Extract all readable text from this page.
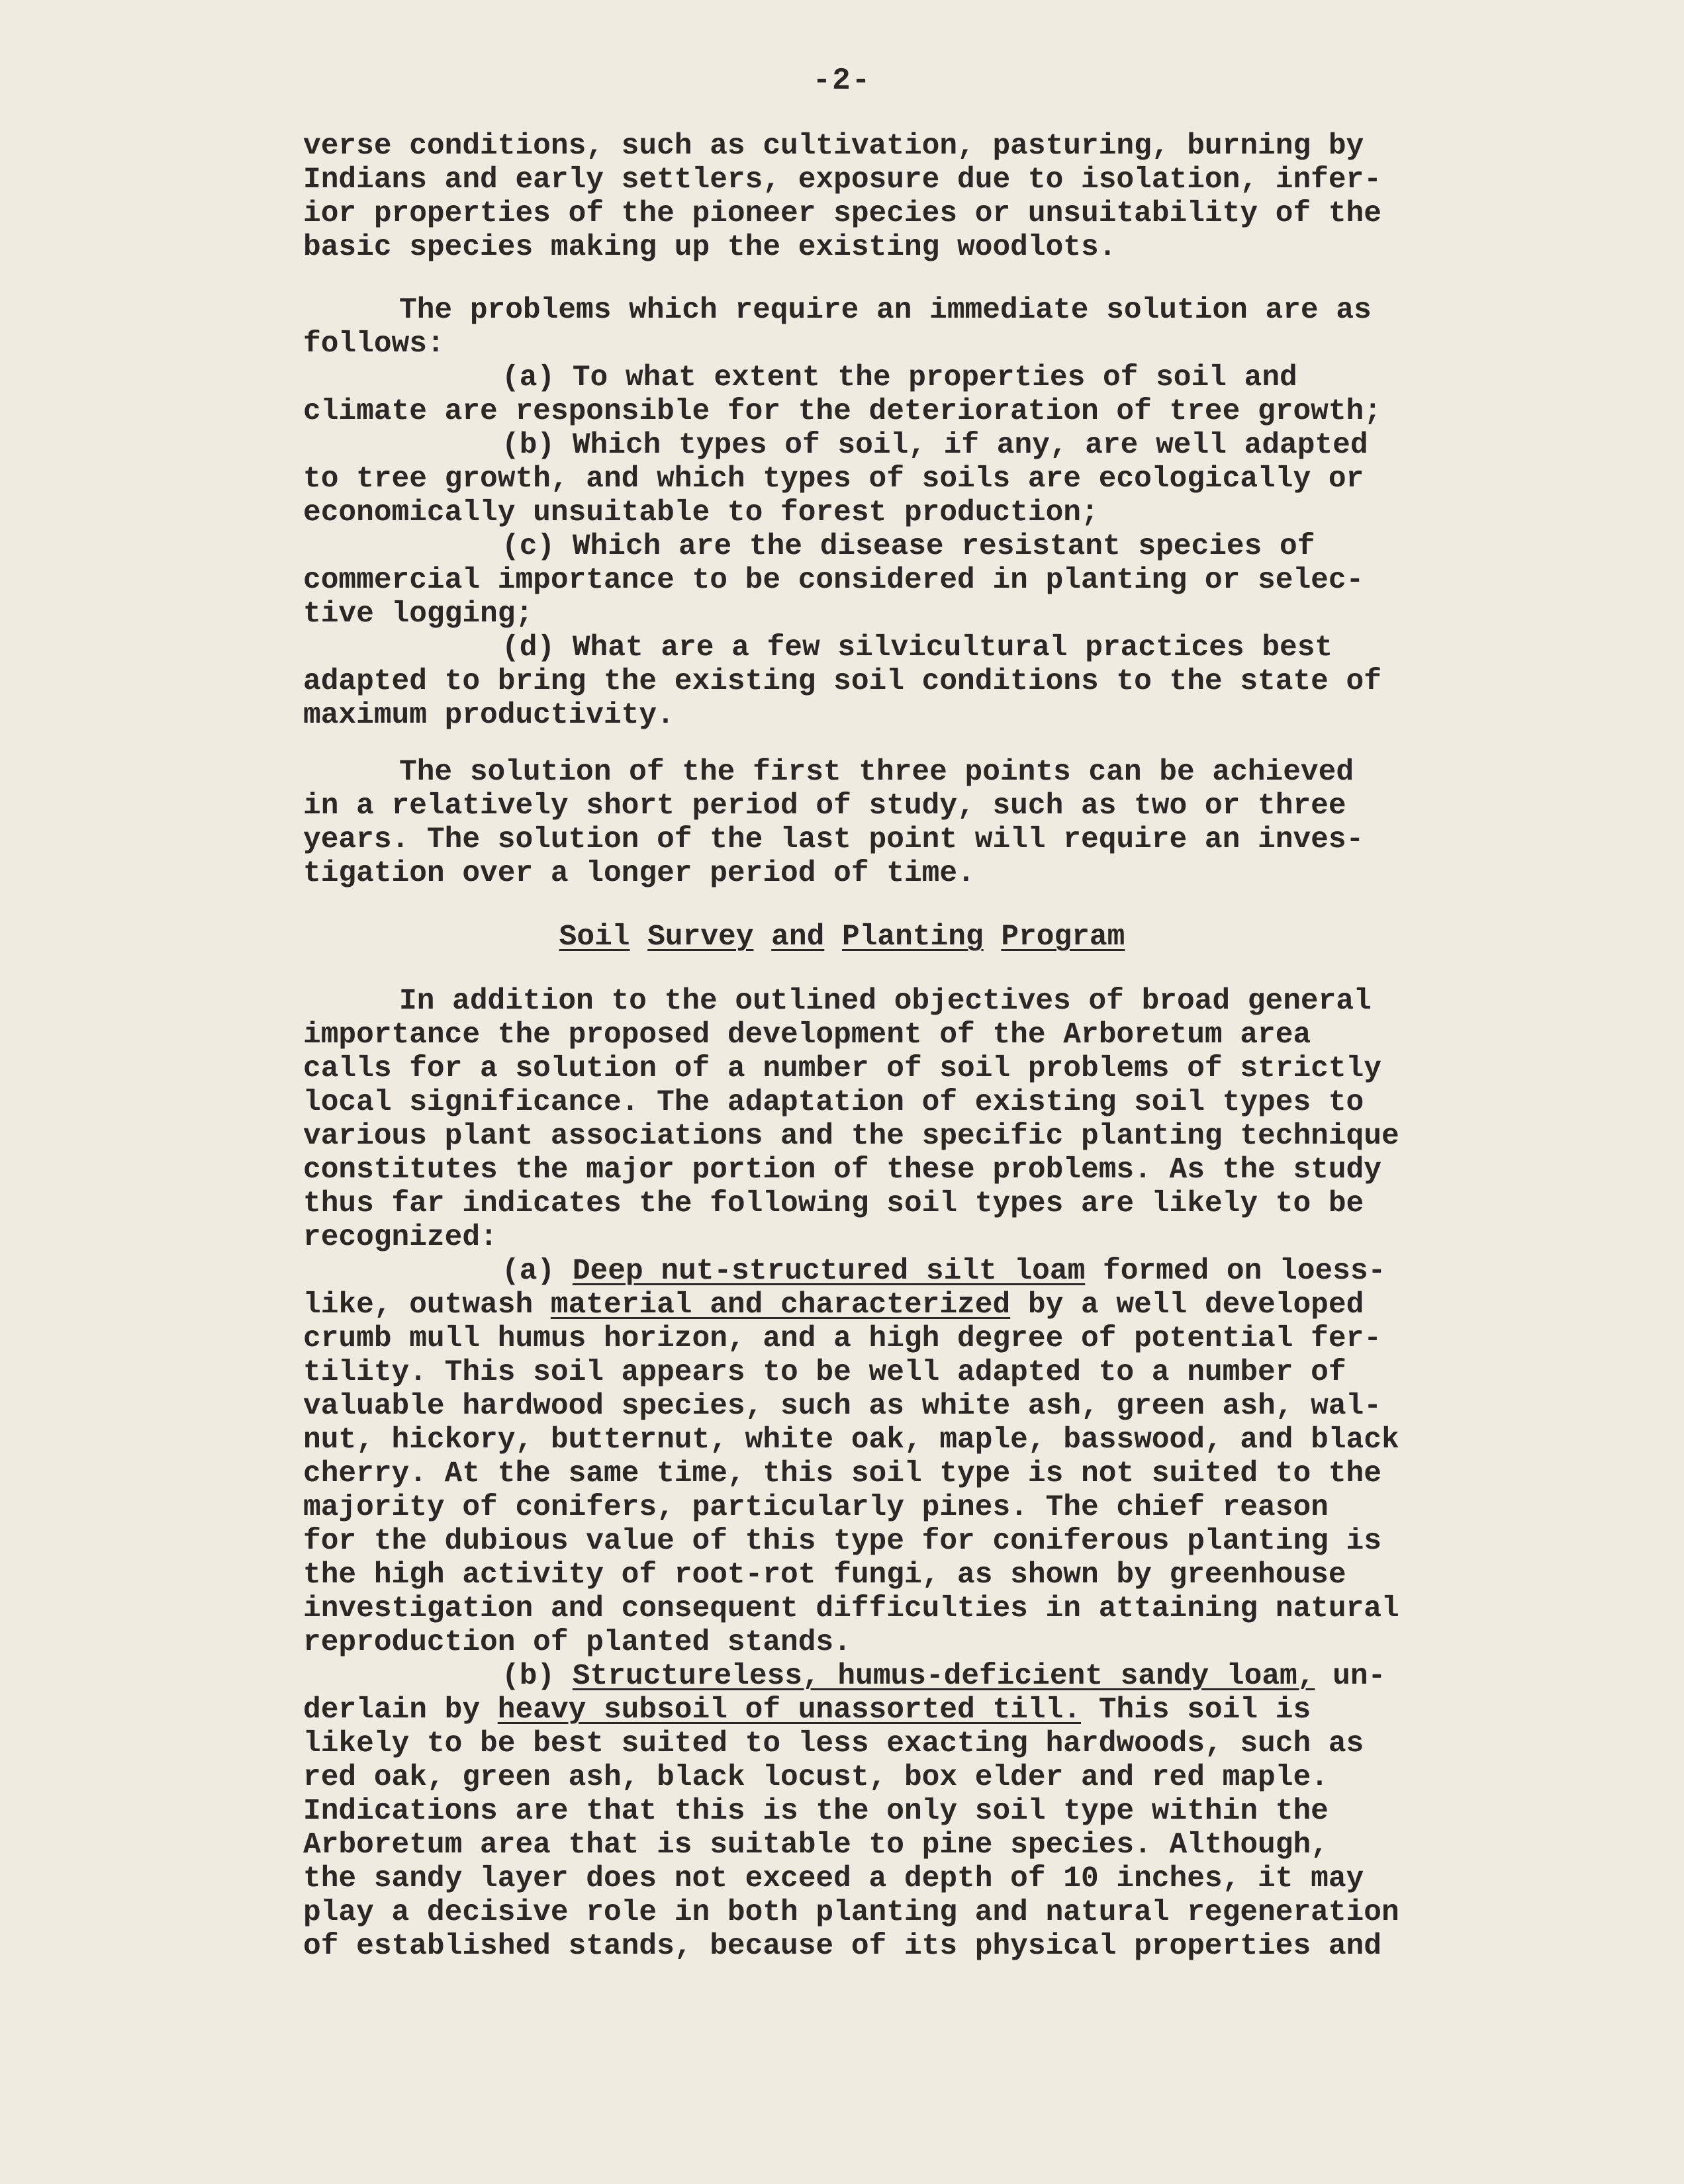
-2-
verse conditions, such as cultivation, pasturing, burning by
Indians and early settlers, exposure due to isolation, infer-
ior properties of the pioneer species or unsuitability of the
basic species making up the existing woodlots.
The problems which require an immediate solution are as
follows:
(a) To what extent the properties of soil and
climate are responsible for the deterioration of tree growth;
(b) Which types of soil, if any, are well adapted
to tree growth, and which types of soils are ecologically or
economically unsuitable to forest production;
(c) Which are the disease resistant species of
commercial importance to be considered in planting or selec-
tive logging;
(d) What are a few silvicultural practices best
adapted to bring the existing soil conditions to the state of
maximum productivity.
The solution of the first three points can be achieved
in a relatively short period of study, such as two or three
years. The solution of the last point will require an inves-
tigation over a longer period of time.
Soil Survey and Planting Program
In addition to the outlined objectives of broad general
importance the proposed development of the Arboretum area
calls for a solution of a number of soil problems of strictly
local significance. The adaptation of existing soil types to
various plant associations and the specific planting technique
constitutes the major portion of these problems. As the study
thus far indicates the following soil types are likely to be
recognized:
(a) Deep nut-structured silt loam formed on loess-
like, outwash material and characterized by a well developed
crumb mull humus horizon, and a high degree of potential fer-
tility. This soil appears to be well adapted to a number of
valuable hardwood species, such as white ash, green ash, wal-
nut, hickory, butternut, white oak, maple, basswood, and black
cherry. At the same time, this soil type is not suited to the
majority of conifers, particularly pines. The chief reason
for the dubious value of this type for coniferous planting is
the high activity of root-rot fungi, as shown by greenhouse
investigation and consequent difficulties in attaining natural
reproduction of planted stands.
(b) Structureless, humus-deficient sandy loam, un-
derlain by heavy subsoil of unassorted till. This soil is
likely to be best suited to less exacting hardwoods, such as
red oak, green ash, black locust, box elder and red maple.
Indications are that this is the only soil type within the
Arboretum area that is suitable to pine species. Although,
the sandy layer does not exceed a depth of 10 inches, it may
play a decisive role in both planting and natural regeneration
of established stands, because of its physical properties and
